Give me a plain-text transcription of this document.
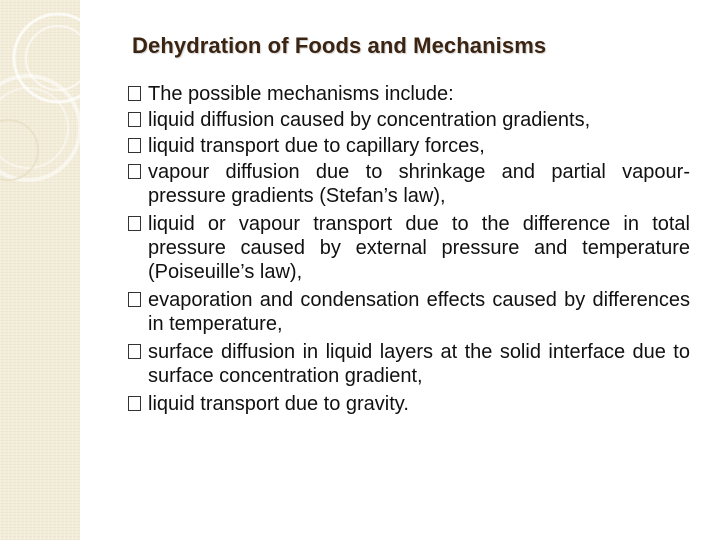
Dehydration of Foods and Mechanisms
The possible mechanisms include:
liquid diffusion caused by concentration gradients,
liquid transport due to capillary forces,
vapour diffusion due to shrinkage and partial vapour-pressure gradients (Stefan’s law),
liquid or vapour transport due to the difference in total pressure caused by external pressure and temperature (Poiseuille’s law),
evaporation and condensation effects caused by differences in temperature,
surface diffusion in liquid layers at the solid interface due to surface concentration gradient,
liquid transport due to gravity.
